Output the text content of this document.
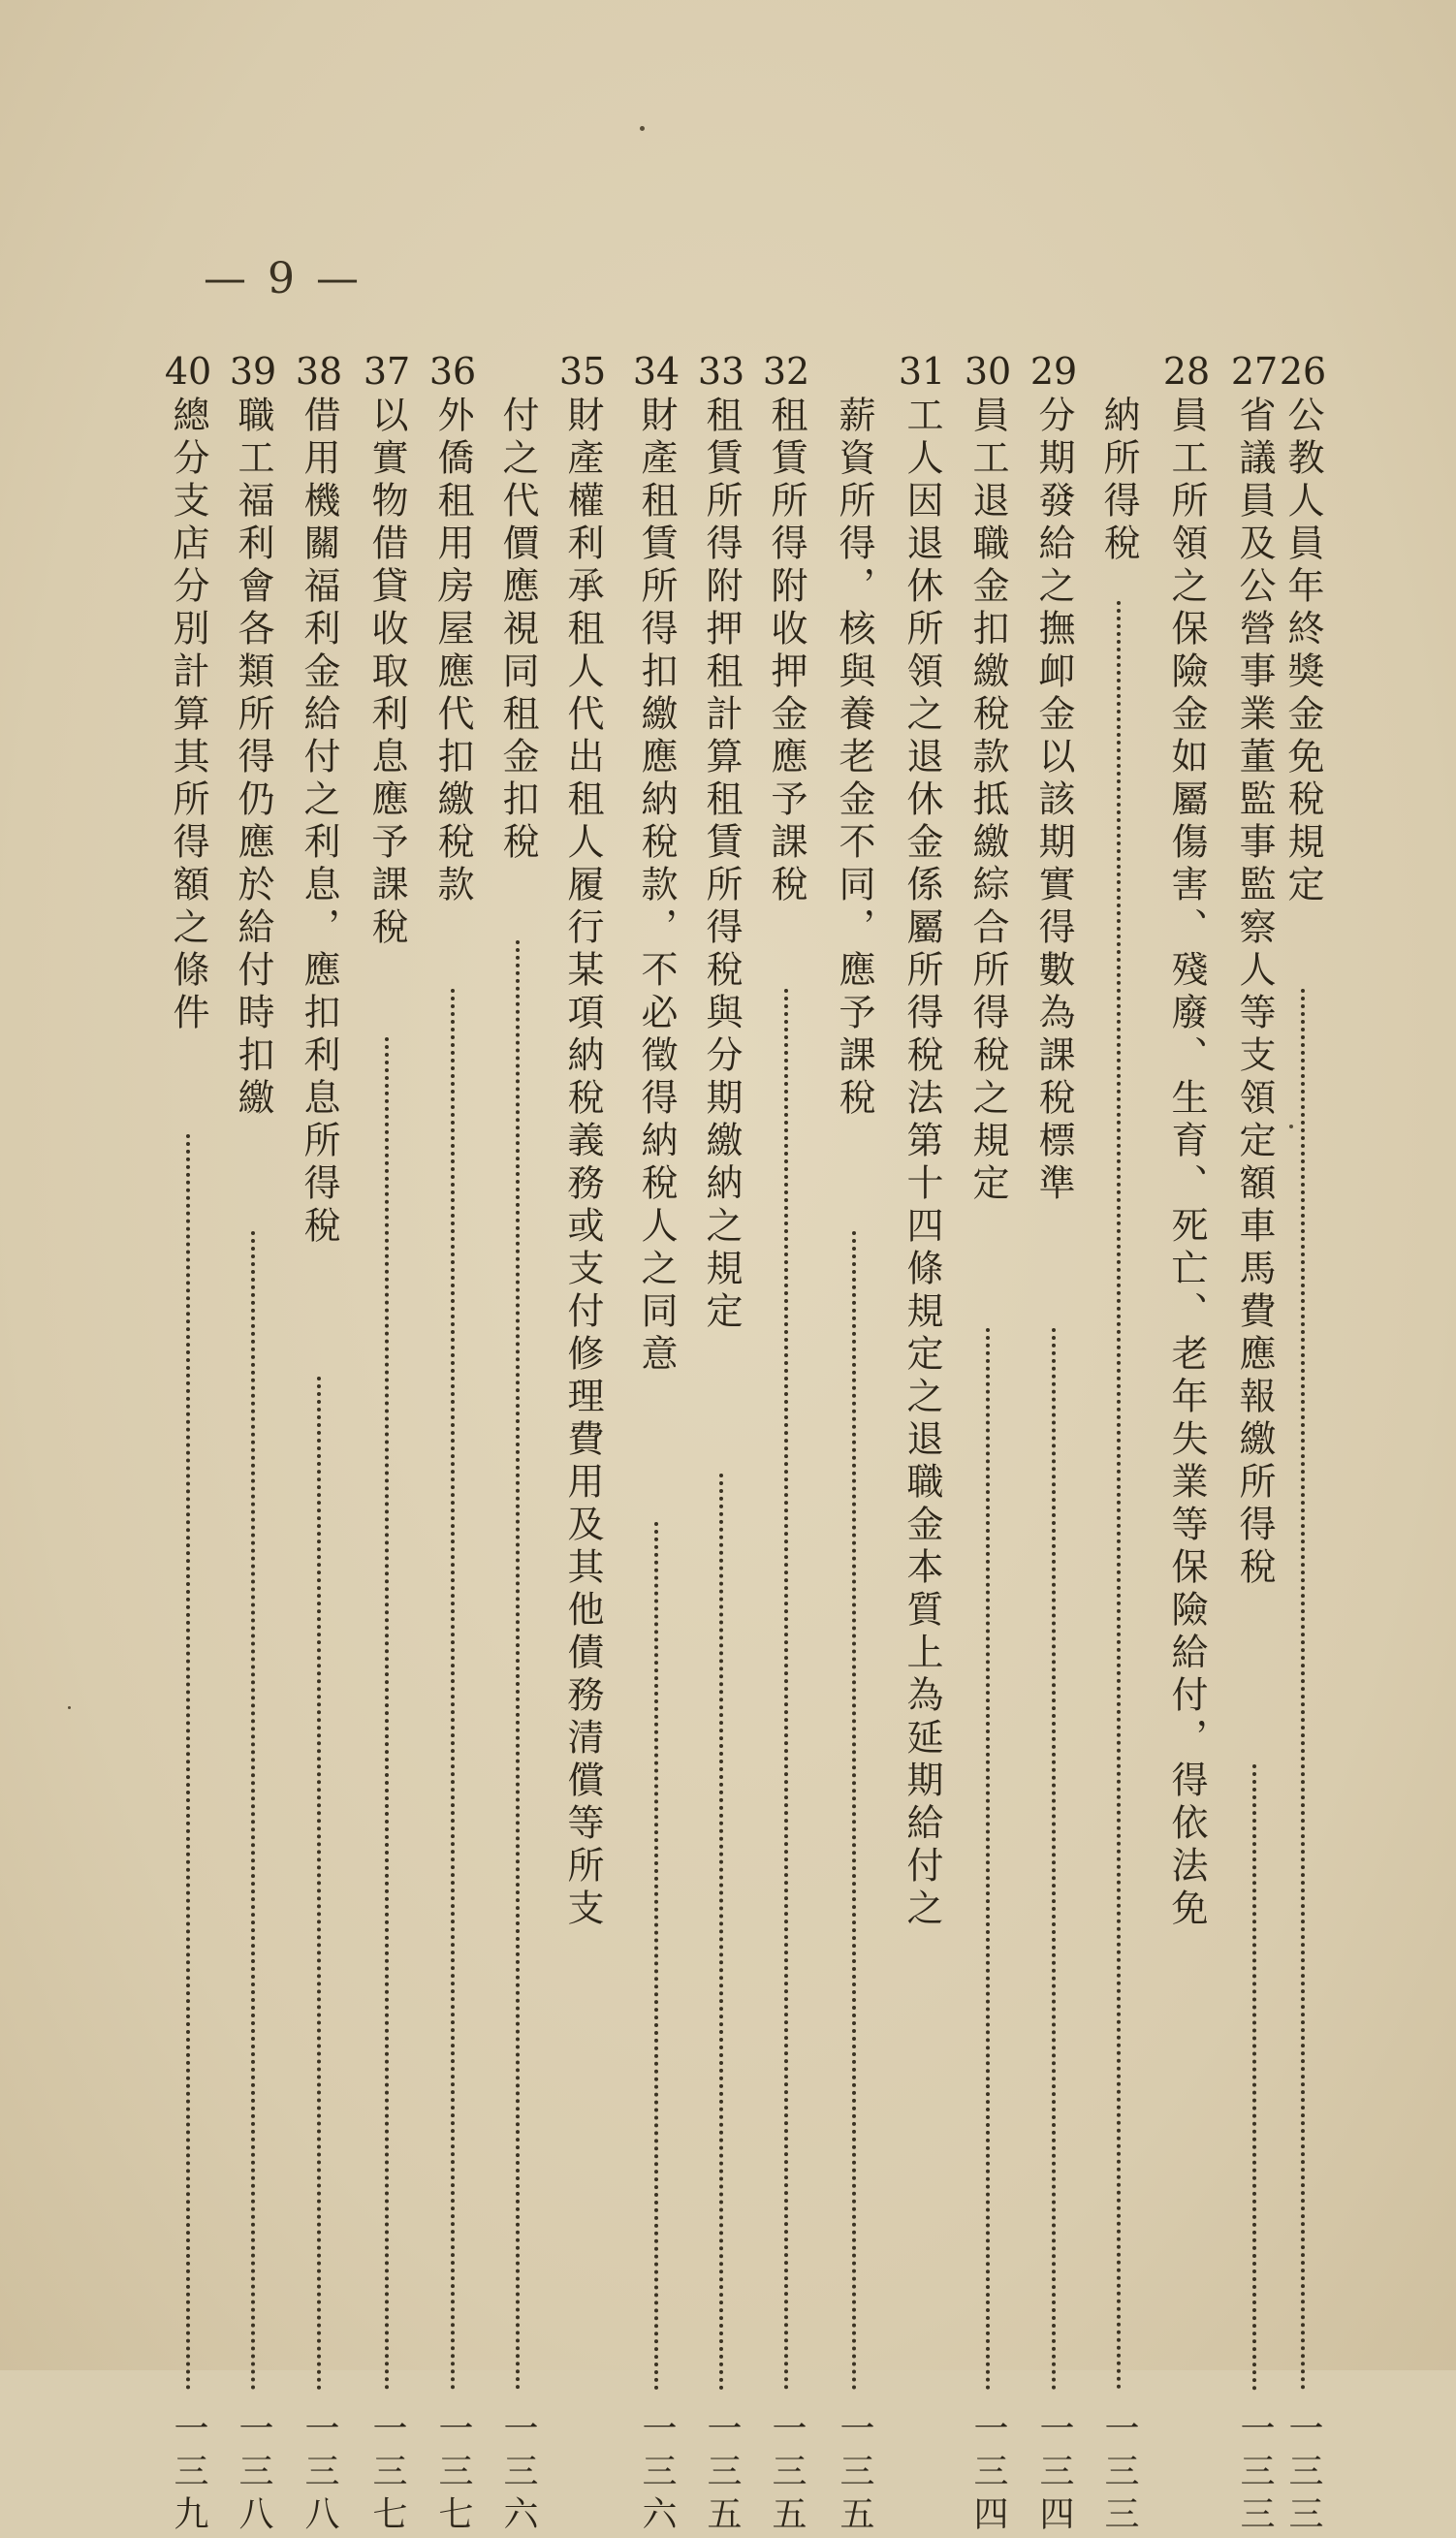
— 9 —
26
公教人員年終獎金免稅規定
一三三
27
省議員及公營事業董監事監察人等支領定額車馬費應報繳所得稅
一三三
28
員工所領之保險金如屬傷害、殘廢、生育、死亡、老年失業等保險給付，得依法免
納所得稅
一三三
29
分期發給之撫卹金以該期實得數為課稅標準
一三四
30
員工退職金扣繳稅款抵繳綜合所得稅之規定
一三四
31
工人因退休所領之退休金係屬所得稅法第十四條規定之退職金本質上為延期給付之
薪資所得，核與養老金不同，應予課稅
一三五
32
租賃所得附收押金應予課稅
一三五
33
租賃所得附押租計算租賃所得稅與分期繳納之規定
一三五
34
財產租賃所得扣繳應納稅款，不必徵得納稅人之同意
一三六
35
財產權利承租人代出租人履行某項納稅義務或支付修理費用及其他債務清償等所支
付之代價應視同租金扣稅
一三六
36
外僑租用房屋應代扣繳稅款
一三七
37
以實物借貸收取利息應予課稅
一三七
38
借用機關福利金給付之利息，應扣利息所得稅
一三八
39
職工福利會各類所得仍應於給付時扣繳
一三八
40
總分支店分別計算其所得額之條件
一三九
